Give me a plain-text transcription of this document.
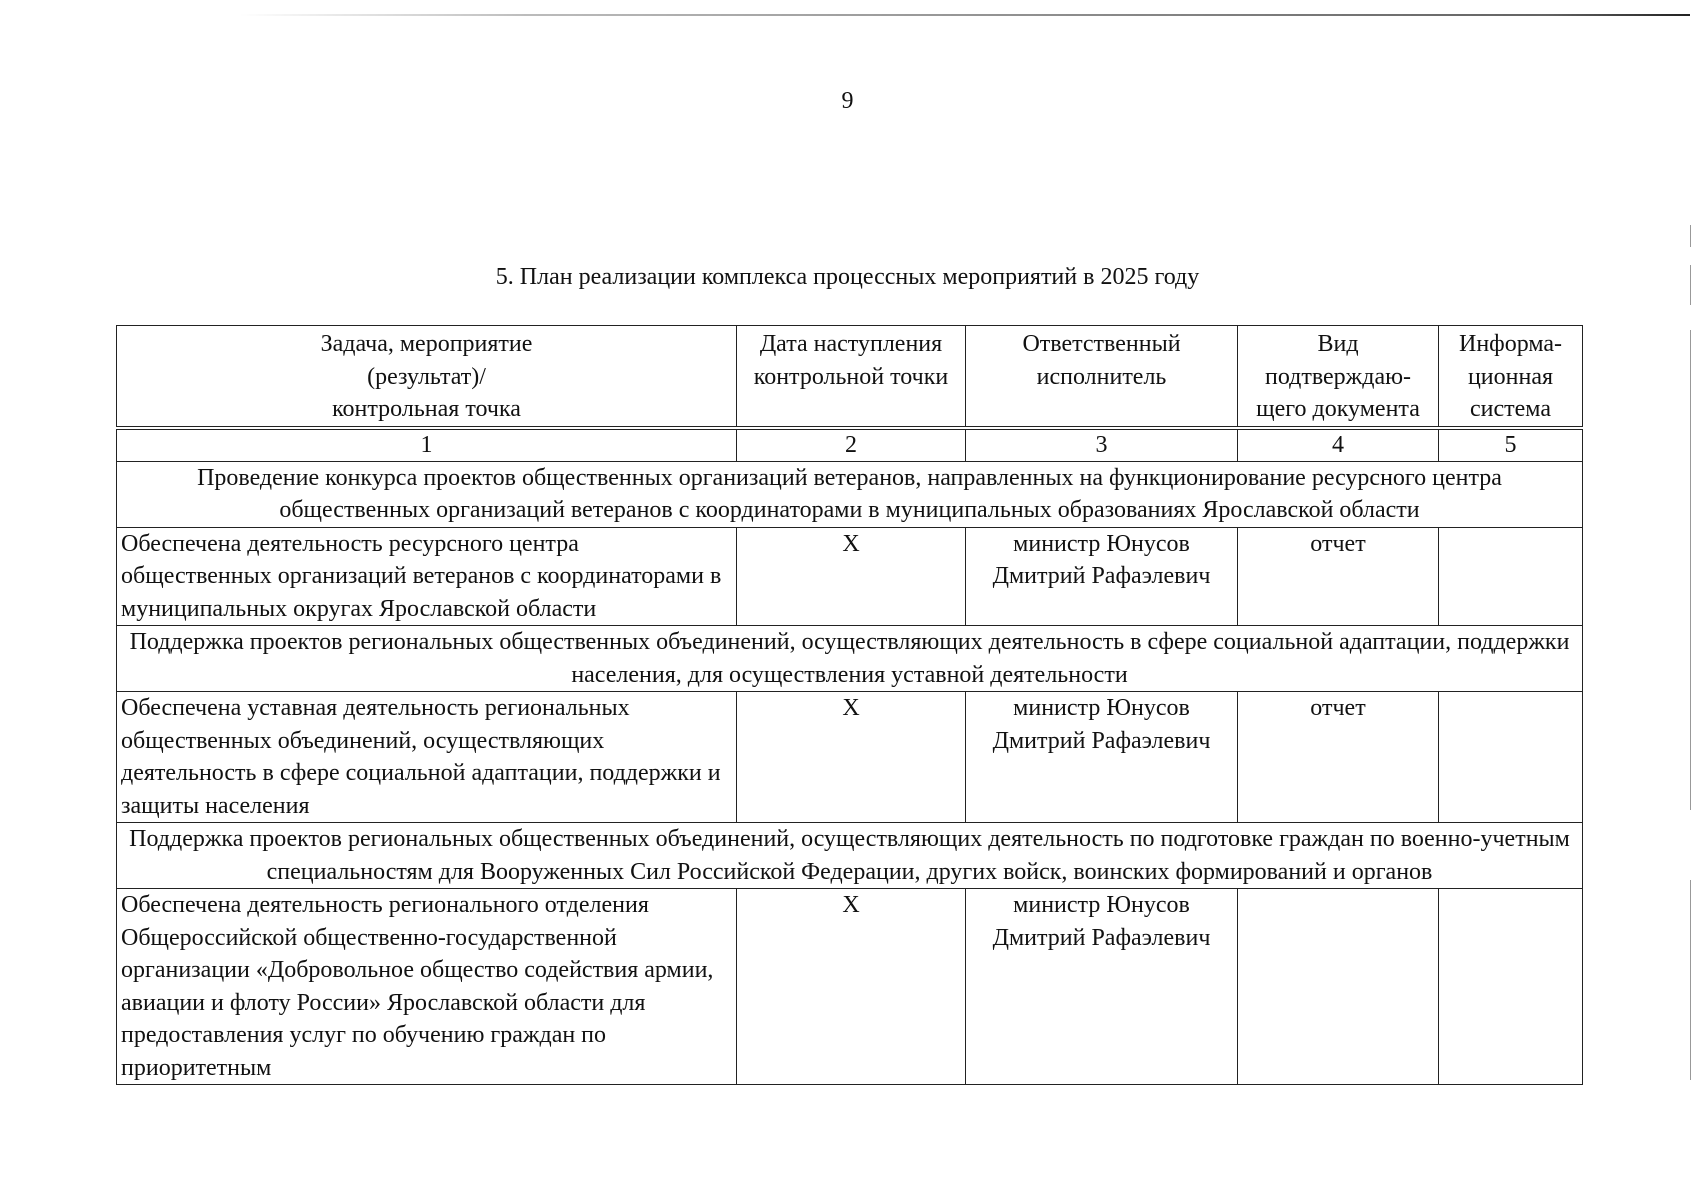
9
5. План реализации комплекса процессных мероприятий в 2025 году
Задача, мероприятие (результат)/ контрольная точка	Дата наступления контрольной точки	Ответственный исполнитель	Вид подтверждаю-щего документа	Информа-ционная система
1	2	3	4	5
Проведение конкурса проектов общественных организаций ветеранов, направленных на функционирование ресурсного центра общественных организаций ветеранов с координаторами в муниципальных образованиях Ярославской области				
Обеспечена деятельность ресурсного центра общественных организаций ветеранов с координаторами в муниципальных округах Ярославской области	X	министр Юнусов Дмитрий Рафаэлевич	отчет	
Поддержка проектов региональных общественных объединений, осуществляющих деятельность в сфере социальной адаптации, поддержки населения, для осуществления уставной деятельности				
Обеспечена уставная деятельность региональных общественных объединений, осуществляющих деятельность в сфере социальной адаптации, поддержки и защиты населения	X	министр Юнусов Дмитрий Рафаэлевич	отчет	
Поддержка проектов региональных общественных объединений, осуществляющих деятельность по подготовке граждан по военно-учетным специальностям для Вооруженных Сил Российской Федерации, других войск, воинских формирований и органов				
Обеспечена деятельность регионального отделения Общероссийской общественно-государственной организации «Добровольное общество содействия армии, авиации и флоту России» Ярославской области для предоставления услуг по обучению граждан по приоритетным	X	министр Юнусов Дмитрий Рафаэлевич		
